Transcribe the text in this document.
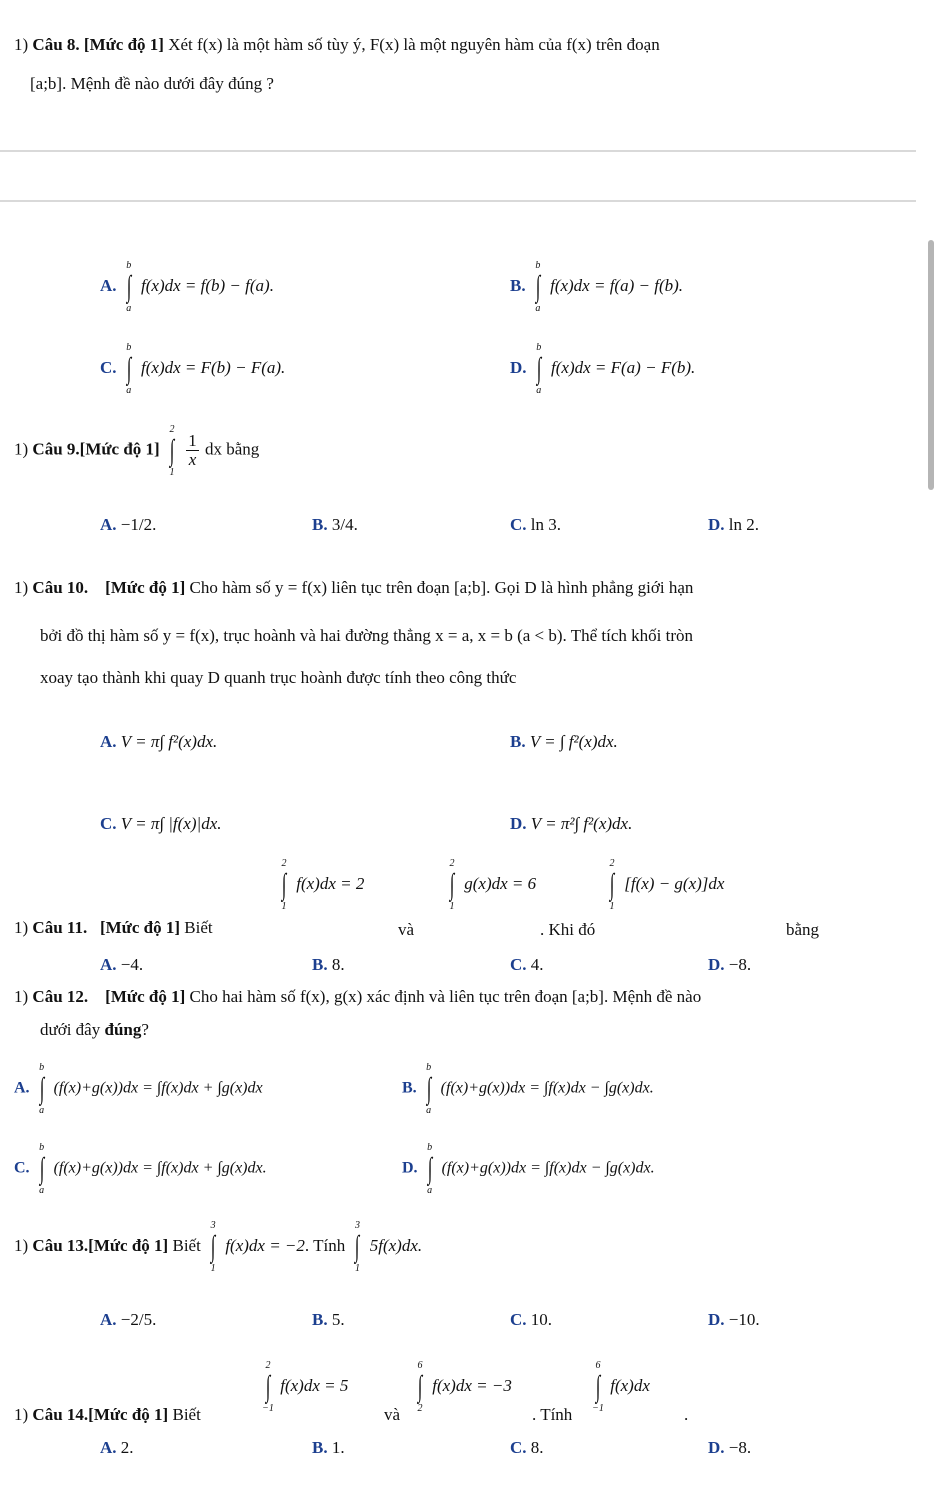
1) Câu 8. [Mức độ 1] Xét f(x) là một hàm số tùy ý, F(x) là một nguyên hàm của f(x) trên đoạn
[a;b]. Mệnh đề nào dưới đây đúng ?
A.
b
∫
a
f(x)dx = f(b) − f(a).	B.
b
∫
a
f(x)dx = f(a) − f(b).
C.
b
∫
a
f(x)dx = F(b) − F(a).	D.
b
∫
a
f(x)dx = F(a) − F(b).
1) Câu 9.[Mức độ 1]
2
∫
1

$\frac{1}{x}$ dx bằng
A. −1/2.	B. 3/4.	C. ln 3.	D. ln 2.
1) Câu 10. [Mức độ 1] Cho hàm số y = f(x) liên tục trên đoạn [a;b]. Gọi D là hình phẳng giới hạn
bởi đồ thị hàm số y = f(x), trục hoành và hai đường thẳng x = a, x = b (a < b). Thể tích khối tròn
xoay tạo thành khi quay D quanh trục hoành được tính theo công thức
A. V = π∫ f²(x)dx.	B. V = ∫ f²(x)dx.
C. V = π∫ |f(x)|dx.	D. V = π²∫ f²(x)dx.
1) Câu 11. [Mức độ 1] Biết
2
∫
1
f(x)dx = 2
và
2
∫
1
g(x)dx = 6
. Khi đó
2
∫
1
[f(x) − g(x)]dx
bằng
A. −4.	B. 8.	C. 4.	D. −8.
1) Câu 12. [Mức độ 1] Cho hai hàm số f(x), g(x) xác định và liên tục trên đoạn [a;b]. Mệnh đề nào
dưới đây đúng?
A.
b
∫
a
(f(x)+g(x))dx = ∫f(x)dx + ∫g(x)dx	B.
b
∫
a
(f(x)+g(x))dx = ∫f(x)dx − ∫g(x)dx.
C.
b
∫
a
(f(x)+g(x))dx = ∫f(x)dx + ∫g(x)dx.	D.
b
∫
a
(f(x)+g(x))dx = ∫f(x)dx − ∫g(x)dx.
1) Câu 13.[Mức độ 1] Biết
3
∫
1
f(x)dx = −2. Tính
3
∫
1
5f(x)dx.
A. −2/5.	B. 5.	C. 10.	D. −10.
1) Câu 14.[Mức độ 1] Biết
2
∫
−1
f(x)dx = 5
và
6
∫
2
f(x)dx = −3
. Tính
6
∫
−1
f(x)dx
.
A. 2.	B. 1.	C. 8.	D. −8.
